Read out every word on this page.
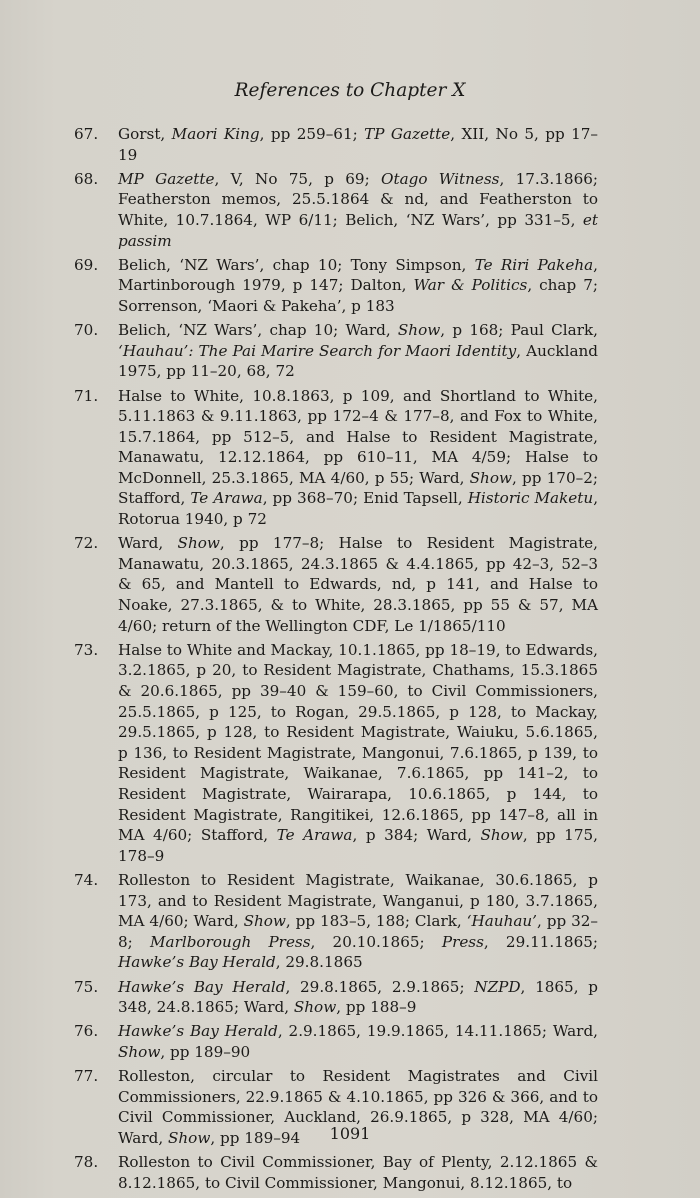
References to Chapter X
67.	Gorst, Maori King, pp 259–61; TP Gazette, XII, No 5, pp 17–19
68.	MP Gazette, V, No 75, p 69; Otago Witness, 17.3.1866; Featherston memos, 25.5.1864 & nd, and Featherston to White, 10.7.1864, WP 6/11; Belich, ‘NZ Wars’, pp 331–5, et passim
69.	Belich, ‘NZ Wars’, chap 10; Tony Simpson, Te Riri Pakeha, Martinborough 1979, p 147; Dalton, War & Politics, chap 7; Sorrenson, ‘Maori & Pakeha’, p 183
70.	Belich, ‘NZ Wars’, chap 10; Ward, Show, p 168; Paul Clark, ‘Hauhau’: The Pai Marire Search for Maori Identity, Auckland 1975, pp 11–20, 68, 72
71.	Halse to White, 10.8.1863, p 109, and Shortland to White, 5.11.1863 & 9.11.1863, pp 172–4 & 177–8, and Fox to White, 15.7.1864, pp 512–5, and Halse to Resident Magistrate, Manawatu, 12.12.1864, pp 610–11, MA 4/59; Halse to McDonnell, 25.3.1865, MA 4/60, p 55; Ward, Show, pp 170–2; Stafford, Te Arawa, pp 368–70; Enid Tapsell, Historic Maketu, Rotorua 1940, p 72
72.	Ward, Show, pp 177–8; Halse to Resident Magistrate, Manawatu, 20.3.1865, 24.3.1865 & 4.4.1865, pp 42–3, 52–3 & 65, and Mantell to Edwards, nd, p 141, and Halse to Noake, 27.3.1865, & to White, 28.3.1865, pp 55 & 57, MA 4/60; return of the Wellington CDF, Le 1/1865/110
73.	Halse to White and Mackay, 10.1.1865, pp 18–19, to Edwards, 3.2.1865, p 20, to Resident Magistrate, Chathams, 15.3.1865 & 20.6.1865, pp 39–40 & 159–60, to Civil Commissioners, 25.5.1865, p 125, to Rogan, 29.5.1865, p 128, to Mackay, 29.5.1865, p 128, to Resident Magistrate, Waiuku, 5.6.1865, p 136, to Resident Magistrate, Mangonui, 7.6.1865, p 139, to Resident Magistrate, Waikanae, 7.6.1865, pp 141–2, to Resident Magistrate, Wairarapa, 10.6.1865, p 144, to Resident Magistrate, Rangitikei, 12.6.1865, pp 147–8, all in MA 4/60; Stafford, Te Arawa, p 384; Ward, Show, pp 175, 178–9
74.	Rolleston to Resident Magistrate, Waikanae, 30.6.1865, p 173, and to Resident Magistrate, Wanganui, p 180, 3.7.1865, MA 4/60; Ward, Show, pp 183–5, 188; Clark, ‘Hauhau’, pp 32–8; Marlborough Press, 20.10.1865; Press, 29.11.1865; Hawke’s Bay Herald, 29.8.1865
75.	Hawke’s Bay Herald, 29.8.1865, 2.9.1865; NZPD, 1865, p 348, 24.8.1865; Ward, Show, pp 188–9
76.	Hawke’s Bay Herald, 2.9.1865, 19.9.1865, 14.11.1865; Ward, Show, pp 189–90
77.	Rolleston, circular to Resident Magistrates and Civil Commissioners, 22.9.1865 & 4.10.1865, pp 326 & 366, and to Civil Commissioner, Auckland, 26.9.1865, p 328, MA 4/60; Ward, Show, pp 189–94
78.	Rolleston to Civil Commissioner, Bay of Plenty, 2.12.1865 & 8.12.1865, to Civil Commissioner, Mangonui, 8.12.1865, to
1091
